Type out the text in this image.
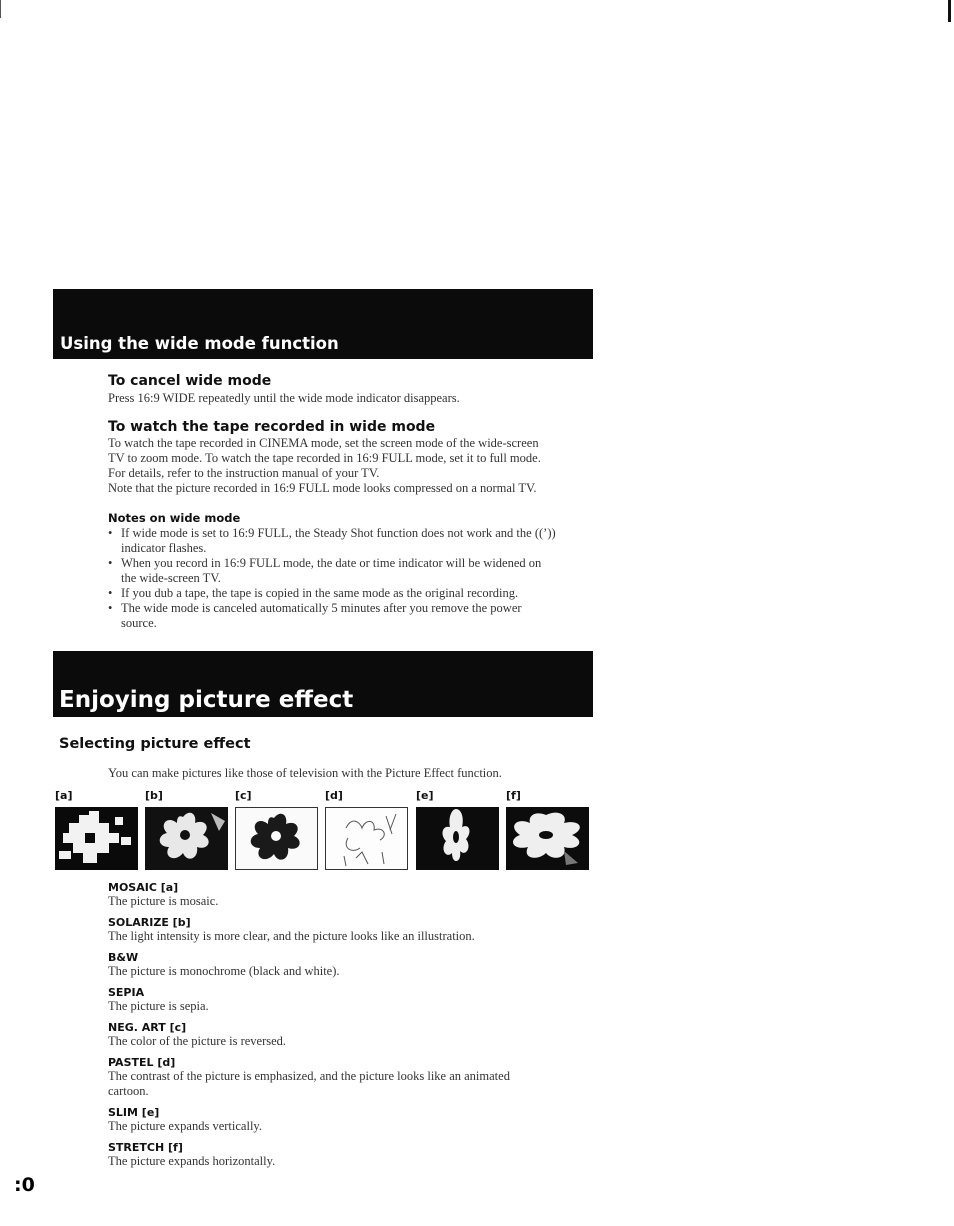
Using the wide mode function
To cancel wide mode
Press 16:9 WIDE repeatedly until the wide mode indicator disappears.
To watch the tape recorded in wide mode
To watch the tape recorded in CINEMA mode, set the screen mode of the wide-screen
TV to zoom mode. To watch the tape recorded in 16:9 FULL mode, set it to full mode.
For details, refer to the instruction manual of your TV.
Note that the picture recorded in 16:9 FULL mode looks compressed on a normal TV.
Notes on wide mode
• If wide mode is set to 16:9 FULL, the Steady Shot function does not work and the ((’))
indicator flashes.
• When you record in 16:9 FULL mode, the date or time indicator will be widened on
the wide-screen TV.
• If you dub a tape, the tape is copied in the same mode as the original recording.
• The wide mode is canceled automatically 5 minutes after you remove the power
source.
Enjoying picture effect
Selecting picture effect
You can make pictures like those of television with the Picture Effect function.
[a]	[b]	[c]	[d]	[e]	[f]
MOSAIC [a]
The picture is mosaic.
SOLARIZE [b]
The light intensity is more clear, and the picture looks like an illustration.
B&W
The picture is monochrome (black and white).
SEPIA
The picture is sepia.
NEG. ART [c]
The color of the picture is reversed.
PASTEL [d]
The contrast of the picture is emphasized, and the picture looks like an animated
cartoon.
SLIM [e]
The picture expands vertically.
STRETCH [f]
The picture expands horizontally.
:0
